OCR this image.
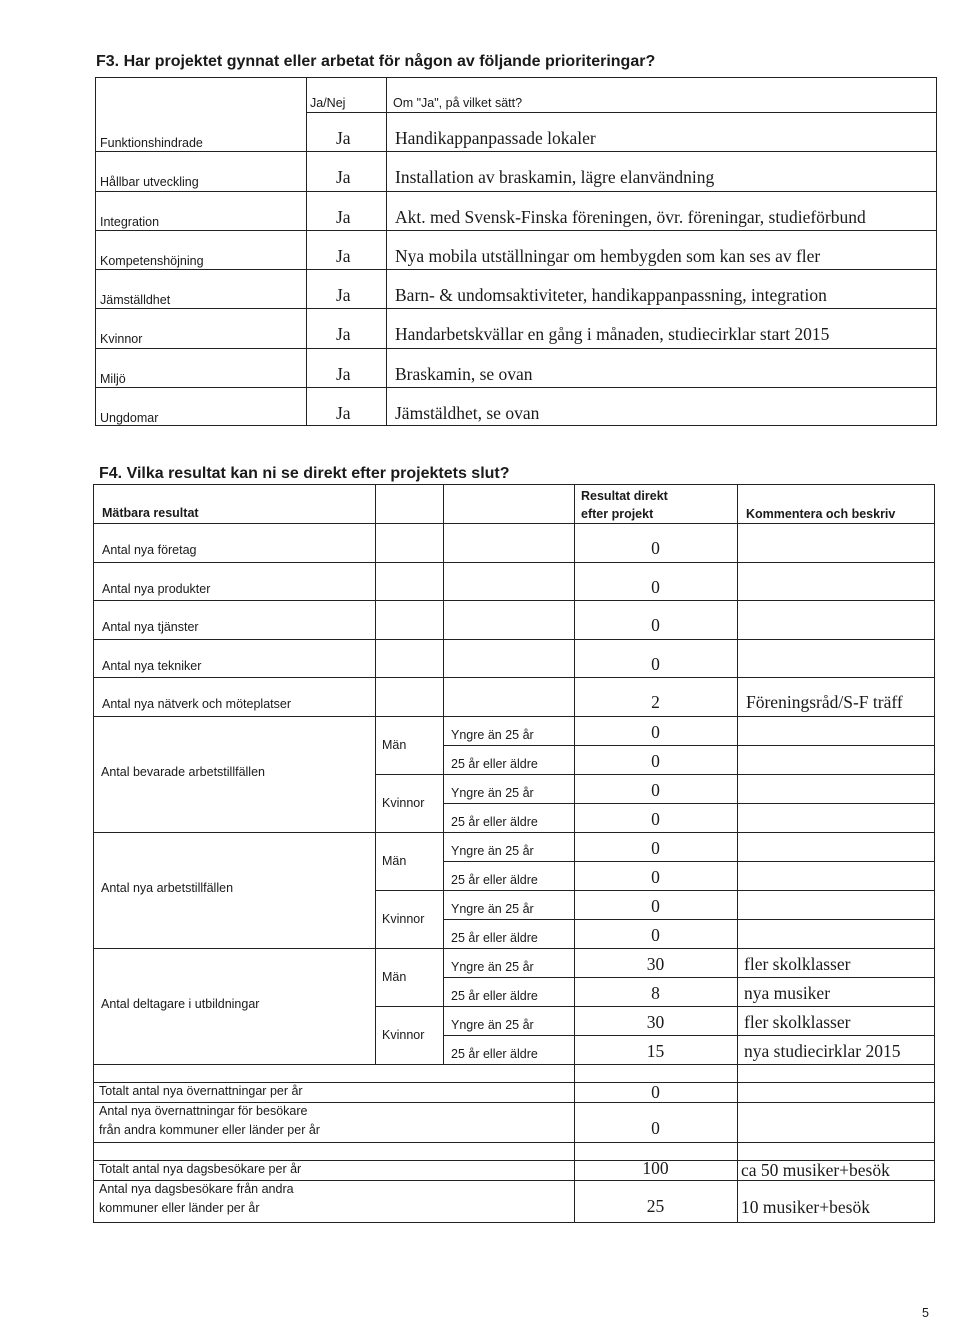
F3. Har projektet gynnat eller arbetat för någon av följande prioriteringar?
Ja/Nej	Om "Ja", på vilket sätt?
F4. Vilka resultat kan ni se direkt efter projektets slut?
Mätbara resultat
Resultat direkt
efter projekt	Kommentera och beskriv
5
Funktionshindrade	Ja	Handikappanpassade lokaler
Hållbar utveckling	Ja	Installation av braskamin, lägre elanvändning
Integration	Ja	Akt. med Svensk-Finska föreningen, övr. föreningar, studieförbund
Kompetenshöjning	Ja	Nya mobila utställningar om hembygden som kan ses av fler
Jämställdhet	Ja	Barn- & undomsaktiviteter, handikappanpassning, integration
Kvinnor	Ja	Handarbetskvällar en gång i månaden, studiecirklar start 2015
Miljö	Ja	Braskamin, se ovan
Ungdomar	Ja	Jämstäldhet, se ovan
Antal nya företag	0
Antal nya produkter	0
Antal nya tjänster	0
Antal nya tekniker	0
Antal nya nätverk och möteplatser	2	Föreningsråd/S-F träff
Antal bevarade arbetstillfällen
Män
Yngre än 25 år	0
25 år eller äldre	0
Kvinnor
Yngre än 25 år	0
25 år eller äldre	0
Antal nya arbetstillfällen
Män
Yngre än 25 år	0
25 år eller äldre	0
Kvinnor
Yngre än 25 år	0
25 år eller äldre	0
Antal deltagare i utbildningar
Män
Yngre än 25 år	30	fler skolklasser
25 år eller äldre	8	nya musiker
Kvinnor
Yngre än 25 år	30	fler skolklasser
25 år eller äldre	15	nya studiecirklar 2015
Totalt antal nya övernattningar per år	0
Antal nya övernattningar för besökare
från andra kommuner eller länder per år	0
Totalt antal nya dagsbesökare per år	100	ca 50 musiker+besök
Antal nya dagsbesökare från andra
kommuner eller länder per år	25	10 musiker+besök
